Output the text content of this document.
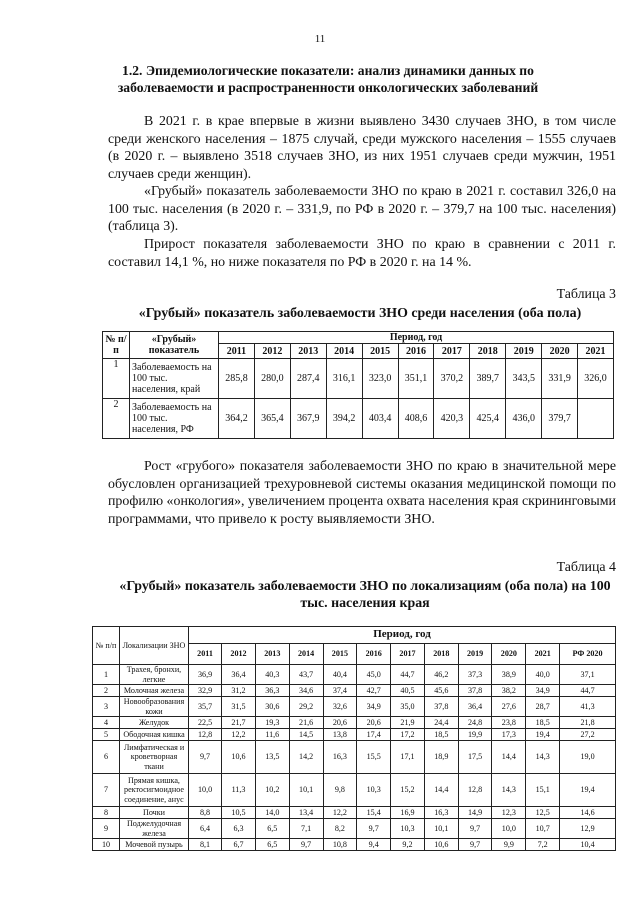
11
1.2. Эпидемиологические показатели: анализ динамики данных по заболеваемости и распространенности онкологических заболеваний

В 2021 г. в крае впервые в жизни выявлено 3430 случаев ЗНО, в том числе среди женского населения – 1875 случай, среди мужского населения – 1555 случаев (в 2020 г. – выявлено 3518 случаев ЗНО, из них 1951 случаев среди мужчин, 1951 случаев среди женщин).

«Грубый» показатель заболеваемости ЗНО по краю в 2021 г. составил 326,0 на 100 тыс. населения (в 2020 г. – 331,9, по РФ в 2020 г. – 379,7 на 100 тыс. населения) (таблица 3).

Прирост показателя заболеваемости ЗНО по краю в сравнении с 2011 г. составил 14,1 %, но ниже показателя по РФ в 2020 г. на 14 %.

Таблица 3
«Грубый» показатель заболеваемости ЗНО среди населения (оба пола)
№ п/п	«Грубый» показатель	Период, год										
		2011	2012	2013	2014	2015	2016	2017	2018	2019	2020	2021
1	Заболеваемость на 100 тыс. населения, край	285,8	280,0	287,4	316,1	323,0	351,1	370,2	389,7	343,5	331,9	326,0
2	Заболеваемость на 100 тыс. населения, РФ	364,2	365,4	367,9	394,2	403,4	408,6	420,3	425,4	436,0	379,7	

Рост «грубого» показателя заболеваемости ЗНО по краю в значительной мере обусловлен организацией трехуровневой системы оказания медицинской помощи по профилю «онкология», увеличением процента охвата населения края скрининговыми программами, что привело к росту выявляемости ЗНО.

Таблица 4
«Грубый» показатель заболеваемости ЗНО по локализациям (оба пола) на 100 тыс. населения края
№ п/п	Локализации ЗНО	Период, год											
		2011	2012	2013	2014	2015	2016	2017	2018	2019	2020	2021	РФ 2020
1	Трахея, бронхи, легкие	36,9	36,4	40,3	43,7	40,4	45,0	44,7	46,2	37,3	38,9	40,0	37,1
2	Молочная железа	32,9	31,2	36,3	34,6	37,4	42,7	40,5	45,6	37,8	38,2	34,9	44,7
3	Новообразования кожи	35,7	31,5	30,6	29,2	32,6	34,9	35,0	37,8	36,4	27,6	28,7	41,3
4	Желудок	22,5	21,7	19,3	21,6	20,6	20,6	21,9	24,4	24,8	23,8	18,5	21,8
5	Ободочная кишка	12,8	12,2	11,6	14,5	13,8	17,4	17,2	18,5	19,9	17,3	19,4	27,2
6	Лимфатическая и кроветворная ткани	9,7	10,6	13,5	14,2	16,3	15,5	17,1	18,9	17,5	14,4	14,3	19,0
7	Прямая кишка, ректосигмоидное соединение, анус	10,0	11,3	10,2	10,1	9,8	10,3	15,2	14,4	12,8	14,3	15,1	19,4
8	Почки	8,8	10,5	14,0	13,4	12,2	15,4	16,9	16,3	14,9	12,3	12,5	14,6
9	Поджелудочная железа	6,4	6,3	6,5	7,1	8,2	9,7	10,3	10,1	9,7	10,0	10,7	12,9
10	Мочевой пузырь	8,1	6,7	6,5	9,7	10,8	9,4	9,2	10,6	9,7	9,9	7,2	10,4
